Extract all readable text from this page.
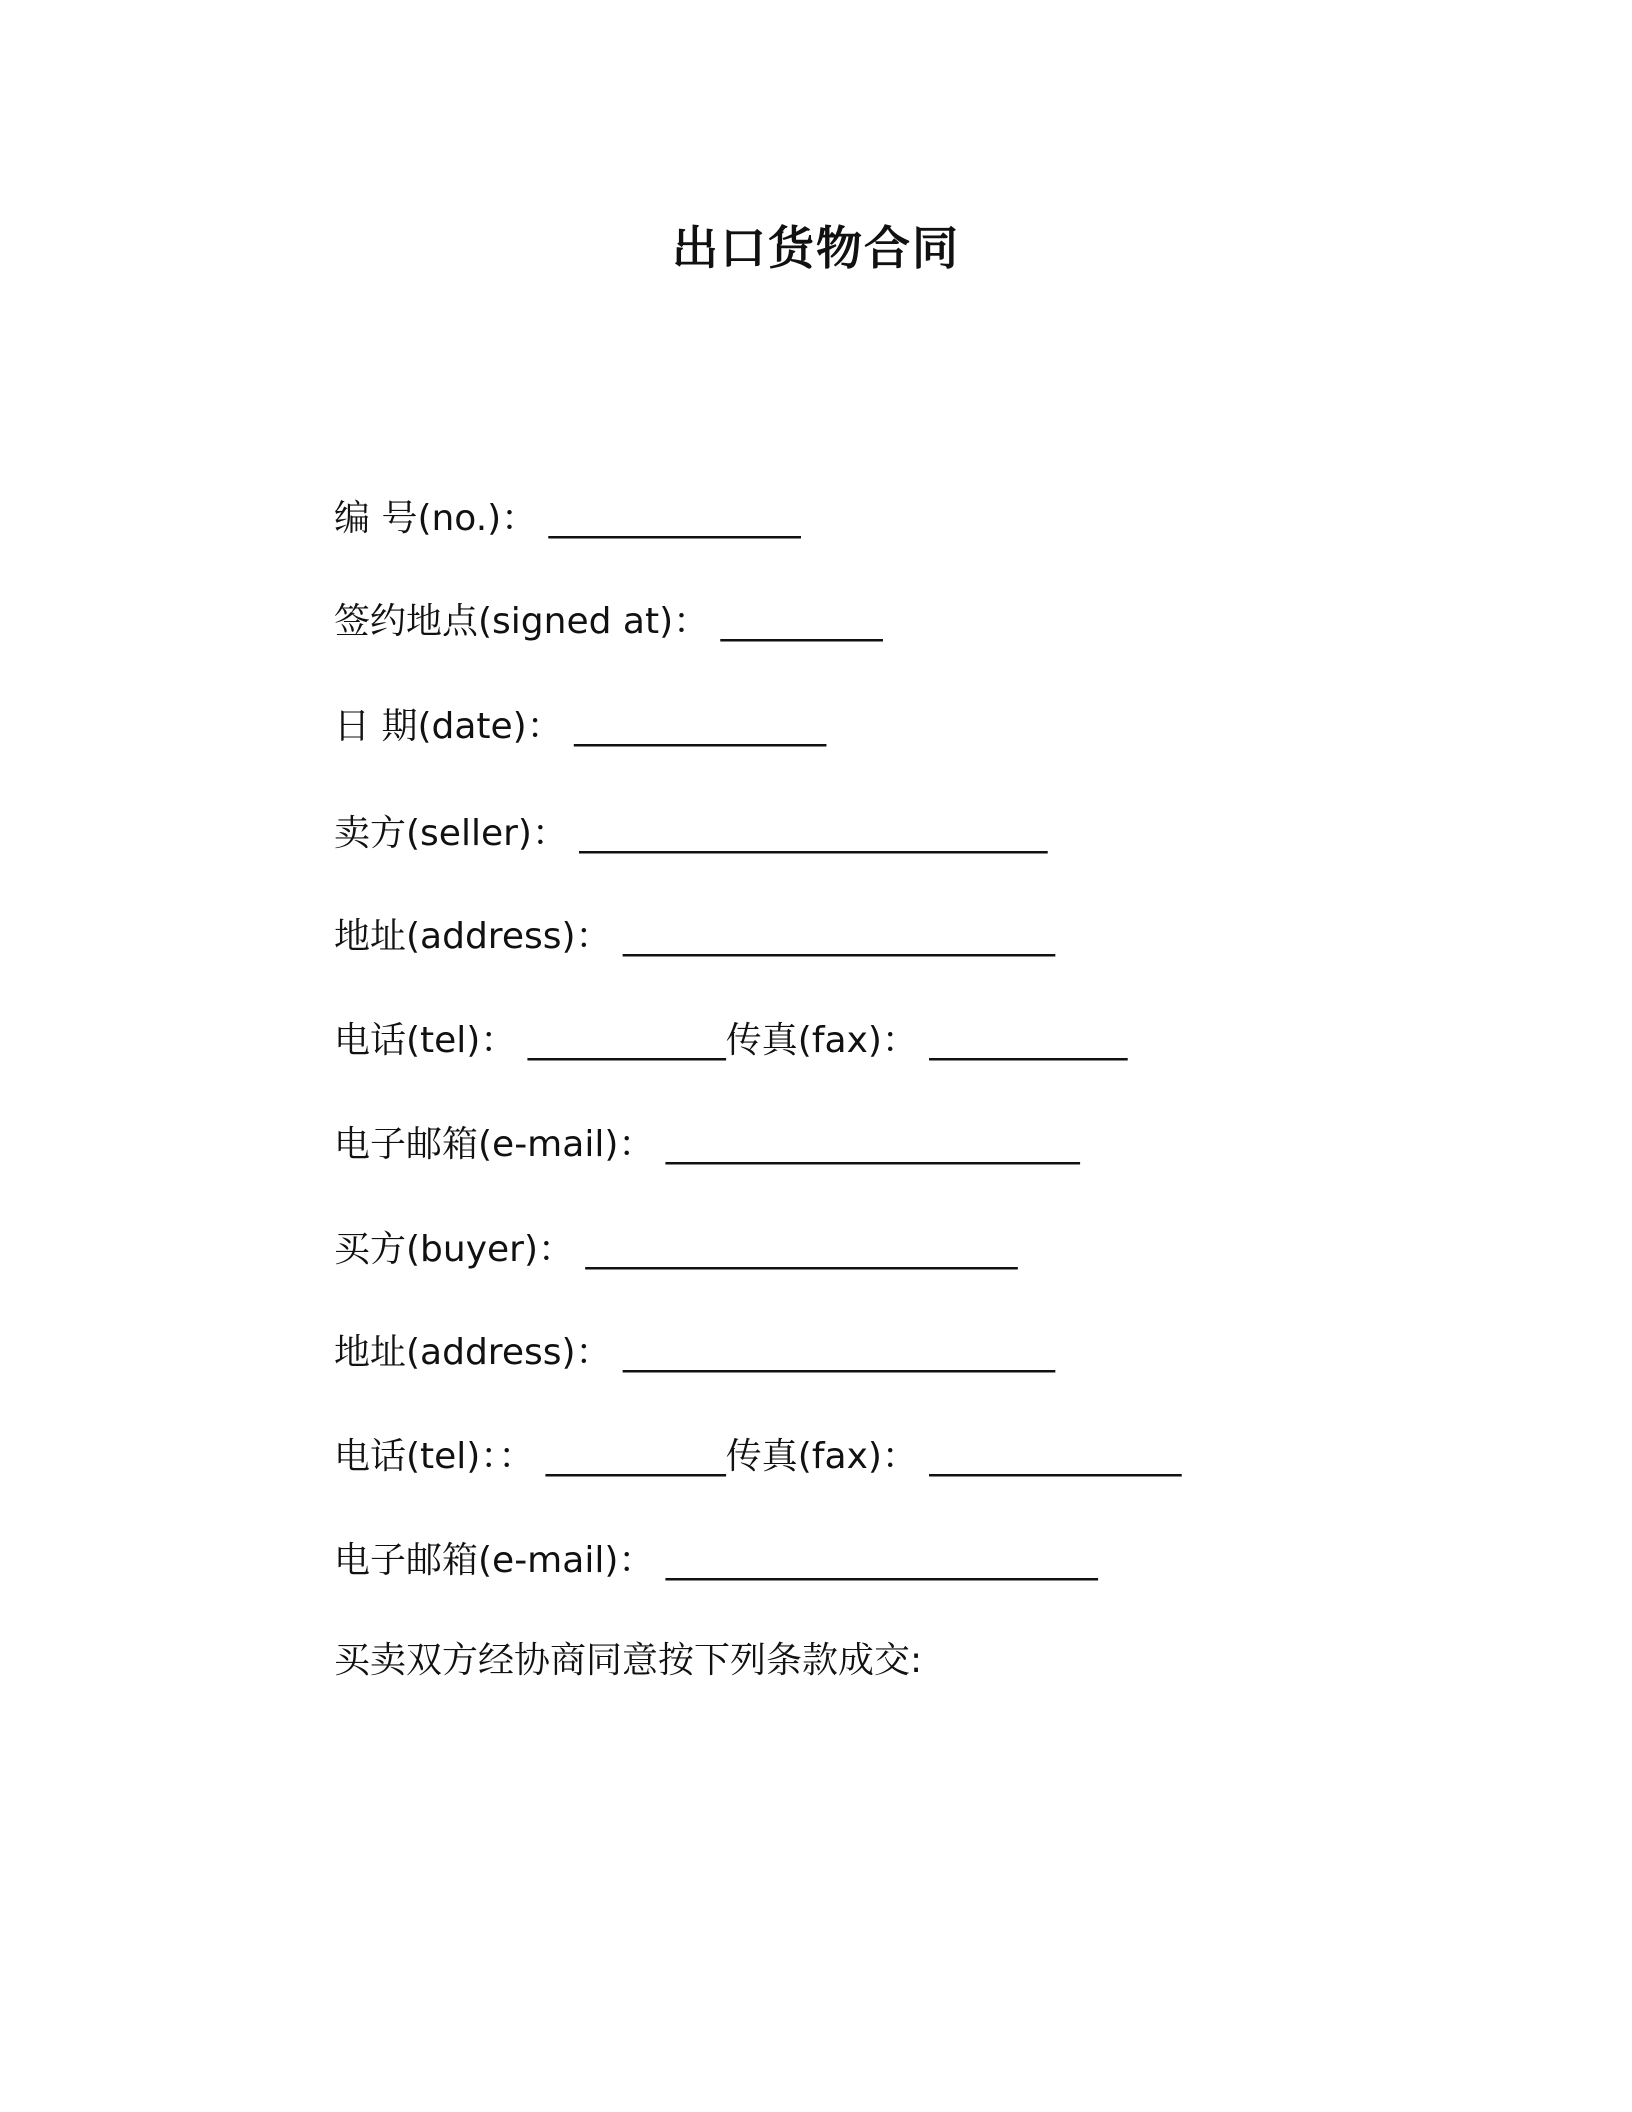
出口货物合同
编 号(no.)： ______________
签约地点(signed at)： _________
日 期(date)： ______________
卖方(seller)： __________________________
地址(address)： ________________________
电话(tel)： ___________传真(fax)： ___________
电子邮箱(e-mail)： _______________________
买方(buyer)： ________________________
地址(address)： ________________________
电话(tel)：： __________传真(fax)： ______________
电子邮箱(e-mail)： ________________________
买卖双方经协商同意按下列条款成交:
